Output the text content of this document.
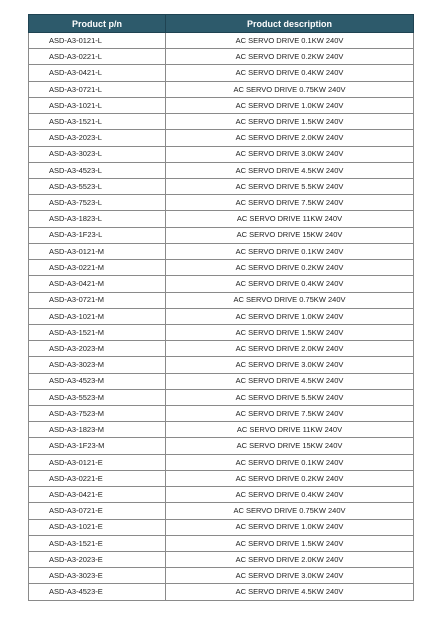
Product p/n	Product description
ASD-A3-0121-L	AC SERVO DRIVE 0.1KW 240V
ASD-A3-0221-L	AC SERVO DRIVE 0.2KW 240V
ASD-A3-0421-L	AC SERVO DRIVE 0.4KW 240V
ASD-A3-0721-L	AC SERVO DRIVE 0.75KW 240V
ASD-A3-1021-L	AC SERVO DRIVE 1.0KW 240V
ASD-A3-1521-L	AC SERVO DRIVE 1.5KW 240V
ASD-A3-2023-L	AC SERVO DRIVE 2.0KW 240V
ASD-A3-3023-L	AC SERVO DRIVE 3.0KW 240V
ASD-A3-4523-L	AC SERVO DRIVE 4.5KW 240V
ASD-A3-5523-L	AC SERVO DRIVE 5.5KW 240V
ASD-A3-7523-L	AC SERVO DRIVE 7.5KW 240V
ASD-A3-1823-L	AC SERVO DRIVE 11KW 240V
ASD-A3-1F23-L	AC SERVO DRIVE 15KW 240V
ASD-A3-0121-M	AC SERVO DRIVE 0.1KW 240V
ASD-A3-0221-M	AC SERVO DRIVE 0.2KW 240V
ASD-A3-0421-M	AC SERVO DRIVE 0.4KW 240V
ASD-A3-0721-M	AC SERVO DRIVE 0.75KW 240V
ASD-A3-1021-M	AC SERVO DRIVE 1.0KW 240V
ASD-A3-1521-M	AC SERVO DRIVE 1.5KW 240V
ASD-A3-2023-M	AC SERVO DRIVE 2.0KW 240V
ASD-A3-3023-M	AC SERVO DRIVE 3.0KW 240V
ASD-A3-4523-M	AC SERVO DRIVE 4.5KW 240V
ASD-A3-5523-M	AC SERVO DRIVE 5.5KW 240V
ASD-A3-7523-M	AC SERVO DRIVE 7.5KW 240V
ASD-A3-1823-M	AC SERVO DRIVE 11KW 240V
ASD-A3-1F23-M	AC SERVO DRIVE 15KW 240V
ASD-A3-0121-E	AC SERVO DRIVE 0.1KW 240V
ASD-A3-0221-E	AC SERVO DRIVE 0.2KW 240V
ASD-A3-0421-E	AC SERVO DRIVE 0.4KW 240V
ASD-A3-0721-E	AC SERVO DRIVE 0.75KW 240V
ASD-A3-1021-E	AC SERVO DRIVE 1.0KW 240V
ASD-A3-1521-E	AC SERVO DRIVE 1.5KW 240V
ASD-A3-2023-E	AC SERVO DRIVE 2.0KW 240V
ASD-A3-3023-E	AC SERVO DRIVE 3.0KW 240V
ASD-A3-4523-E	AC SERVO DRIVE 4.5KW 240V
